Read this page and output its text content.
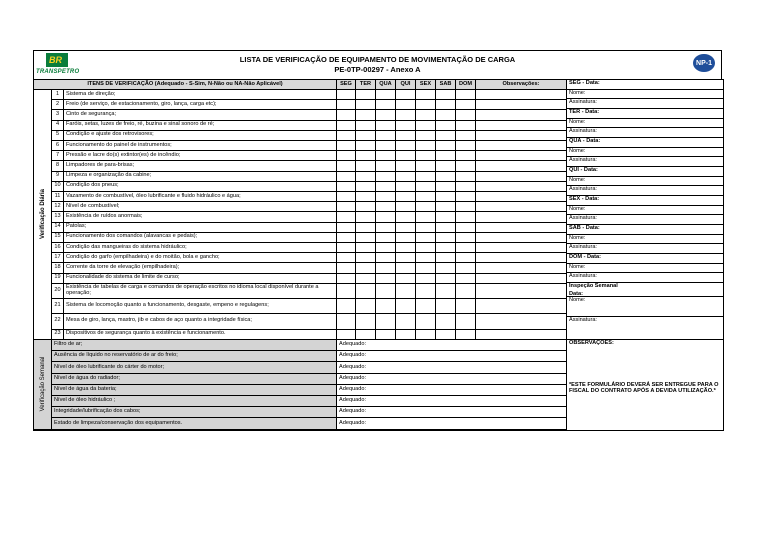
BR
TRANSPETRO
LISTA DE VERIFICAÇÃO DE EQUIPAMENTO DE MOVIMENTAÇÃO DE CARGA
PE-0TP-00297 - Anexo A
NP-1
ITENS DE VERIFICAÇÃO (Adequado - S-Sim, N-Não ou NA-Não Aplicável)	SEG	TER	QUA	QUI	SEX	SAB	DOM	Observações:
1	Sistema de direção;
2	Freio (de serviço, de estacionamento, giro, lança, carga etc);
3	Cinto de segurança;
4	Faróis, setas, luzes de freio, ré, buzina e sinal sonoro de ré;
5	Condição e ajuste dos retrovisores;
6	Funcionamento do painel de instrumentos;
7	Pressão e lacre do(s) extintor(es) de incêndio;
8	Limpadores de para-brisas;
9	Limpeza e organização da cabine;
10 Condição dos pneus;
11 Vazamento de combustível, óleo lubrificante e fluido hidráulico e água;
12 Nível de combustível;
13 Existência de ruídos anormais;
14 Patolas;
15 Funcionamento dos comandos (alavancas e pedais);
16 Condição das mangueiras do sistema hidráulico;
17 Condição do garfo (empilhadeira) e do moitão, bola e gancho;
18 Corrente da torre de elevação (empilhadeira);
19 Funcionalidade do sistema de limite de curso;
20 Existência de tabelas de carga e comandos de operação escritos no idioma local disponível durante a operação;
21 Sistema de locomoção quanto a funcionamento, desgaste, empeno e regulagens;
22 Mesa de giro, lança, mastro, jib e cabos de aço quanto a integridade física;
23 Dispositivos de segurança quanto à existência e funcionamento.
Verificação Diária
Filtro de ar;	Adequado:
Ausência de líquido no reservatório de ar do freio;	Adequado:
Nível de óleo lubrificante do cárter do motor;	Adequado:
Nível de água do radiador;	Adequado:
Nível de água da bateria;	Adequado:
Nível de óleo hidráulico ;	Adequado:
Integridade/lubrificação dos cabos;	Adequado:
Estado de limpeza/conservação dos equipamentos.	Adequado:
Verificação Semanal
SEG - Data:
Nome:
Assinatura:
TER - Data:
Nome:
Assinatura:
QUA - Data:
Nome:
Assinatura:
QUI - Data:
Nome:
Assinatura:
SEX - Data:
Nome:
Assinatura:
SAB - Data:
Nome:
Assinatura:
DOM - Data:
Nome:
Assinatura:
Inspeção Semanal
Data:
Nome:
Assinatura:
OBSERVAÇÕES:
*ESTE FORMULÁRIO DEVERÁ SER ENTREGUE PARA O FISCAL DO CONTRATO APÓS A DEVIDA UTILIZAÇÃO.*
